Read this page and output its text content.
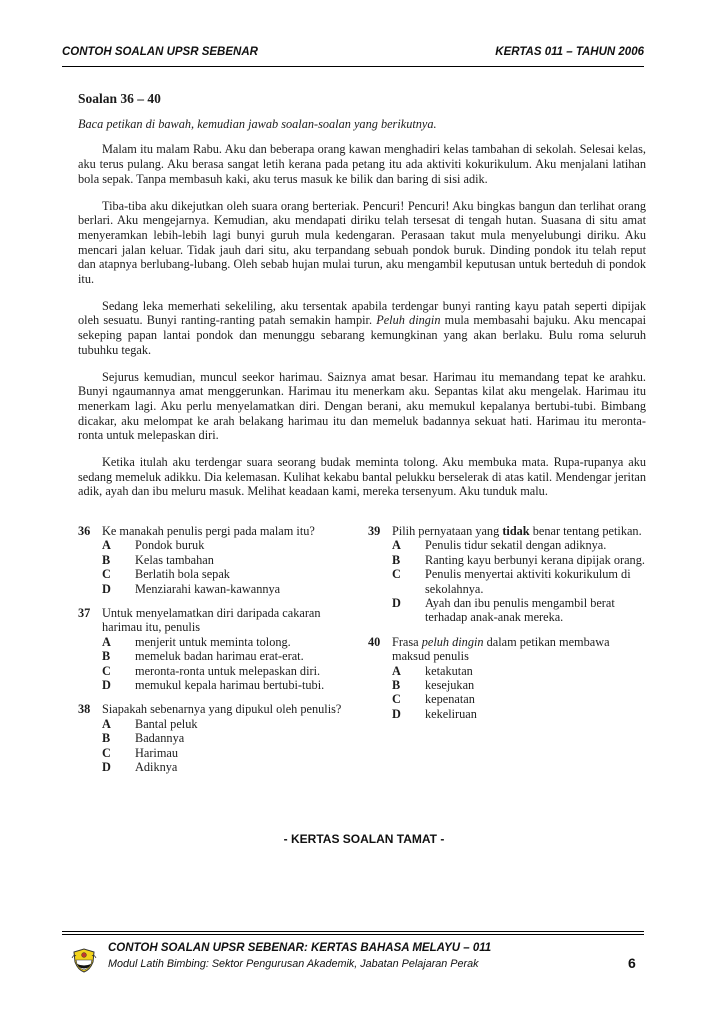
CONTOH SOALAN UPSR SEBENAR	KERTAS 011 – TAHUN 2006
Soalan 36 – 40
Baca petikan di bawah, kemudian jawab soalan-soalan yang berikutnya.

Malam itu malam Rabu. Aku dan beberapa orang kawan menghadiri kelas tambahan di sekolah. Selesai kelas, aku terus pulang. Aku berasa sangat letih kerana pada petang itu ada aktiviti kokurikulum. Aku menjalani latihan bola sepak. Tanpa membasuh kaki, aku terus masuk ke bilik dan baring di sisi adik.

Tiba-tiba aku dikejutkan oleh suara orang berteriak. Pencuri! Pencuri! Aku bingkas bangun dan terlihat orang berlari. Aku mengejarnya. Kemudian, aku mendapati diriku telah tersesat di tengah hutan. Suasana di situ amat menyeramkan lebih-lebih lagi bunyi guruh mula kedengaran. Perasaan takut mula menyelubungi diriku. Aku mencari jalan keluar. Tidak jauh dari situ, aku terpandang sebuah pondok buruk. Dinding pondok itu telah reput dan atapnya berlubang-lubang. Oleh sebab hujan mulai turun, aku mengambil keputusan untuk berteduh di pondok itu.

Sedang leka memerhati sekeliling, aku tersentak apabila terdengar bunyi ranting kayu patah seperti dipijak oleh sesuatu. Bunyi ranting-ranting patah semakin hampir. Peluh dingin mula membasahi bajuku. Aku mencapai sekeping papan lantai pondok dan menunggu sebarang kemungkinan yang akan berlaku. Bulu roma seluruh tubuhku tegak.

Sejurus kemudian, muncul seekor harimau. Saiznya amat besar. Harimau itu memandang tepat ke arahku. Bunyi ngaumannya amat menggerunkan. Harimau itu menerkam aku. Sepantas kilat aku mengelak. Harimau itu menerkam lagi. Aku perlu menyelamatkan diri. Dengan berani, aku memukul kepalanya bertubi-tubi. Bimbang dicakar, aku melompat ke arah belakang harimau itu dan memeluk badannya sekuat hati. Harimau itu meronta-ronta untuk melepaskan diri.

Ketika itulah aku terdengar suara seorang budak meminta tolong. Aku membuka mata. Rupa-rupanya aku sedang memeluk adikku. Dia kelemasan. Kulihat kekabu bantal pelukku berselerak di atas katil. Mendengar jeritan adik, ayah dan ibu meluru masuk. Melihat keadaan kami, mereka tersenyum. Aku tunduk malu.

36 Ke manakah penulis pergi pada malam itu?
A Pondok buruk
B Kelas tambahan
C Berlatih bola sepak
D Menziarahi kawan-kawannya
37 Untuk menyelamatkan diri daripada cakaran harimau itu, penulis
A menjerit untuk meminta tolong.
B memeluk badan harimau erat-erat.
C meronta-ronta untuk melepaskan diri.
D memukul kepala harimau bertubi-tubi.
38 Siapakah sebenarnya yang dipukul oleh penulis?
A Bantal peluk
B Badannya
C Harimau
D Adiknya
39 Pilih pernyataan yang tidak benar tentang petikan.
A Penulis tidur sekatil dengan adiknya.
B Ranting kayu berbunyi kerana dipijak orang.
C Penulis menyertai aktiviti kokurikulum di sekolahnya.
D Ayah dan ibu penulis mengambil berat terhadap anak-anak mereka.
40 Frasa peluh dingin dalam petikan membawa maksud penulis
A ketakutan
B kesejukan
C kepenatan
D kekeliruan
- KERTAS SOALAN TAMAT -
CONTOH SOALAN UPSR SEBENAR: KERTAS BAHASA MELAYU – 011
Modul Latih Bimbing: Sektor Pengurusan Akademik, Jabatan Pelajaran Perak	6
